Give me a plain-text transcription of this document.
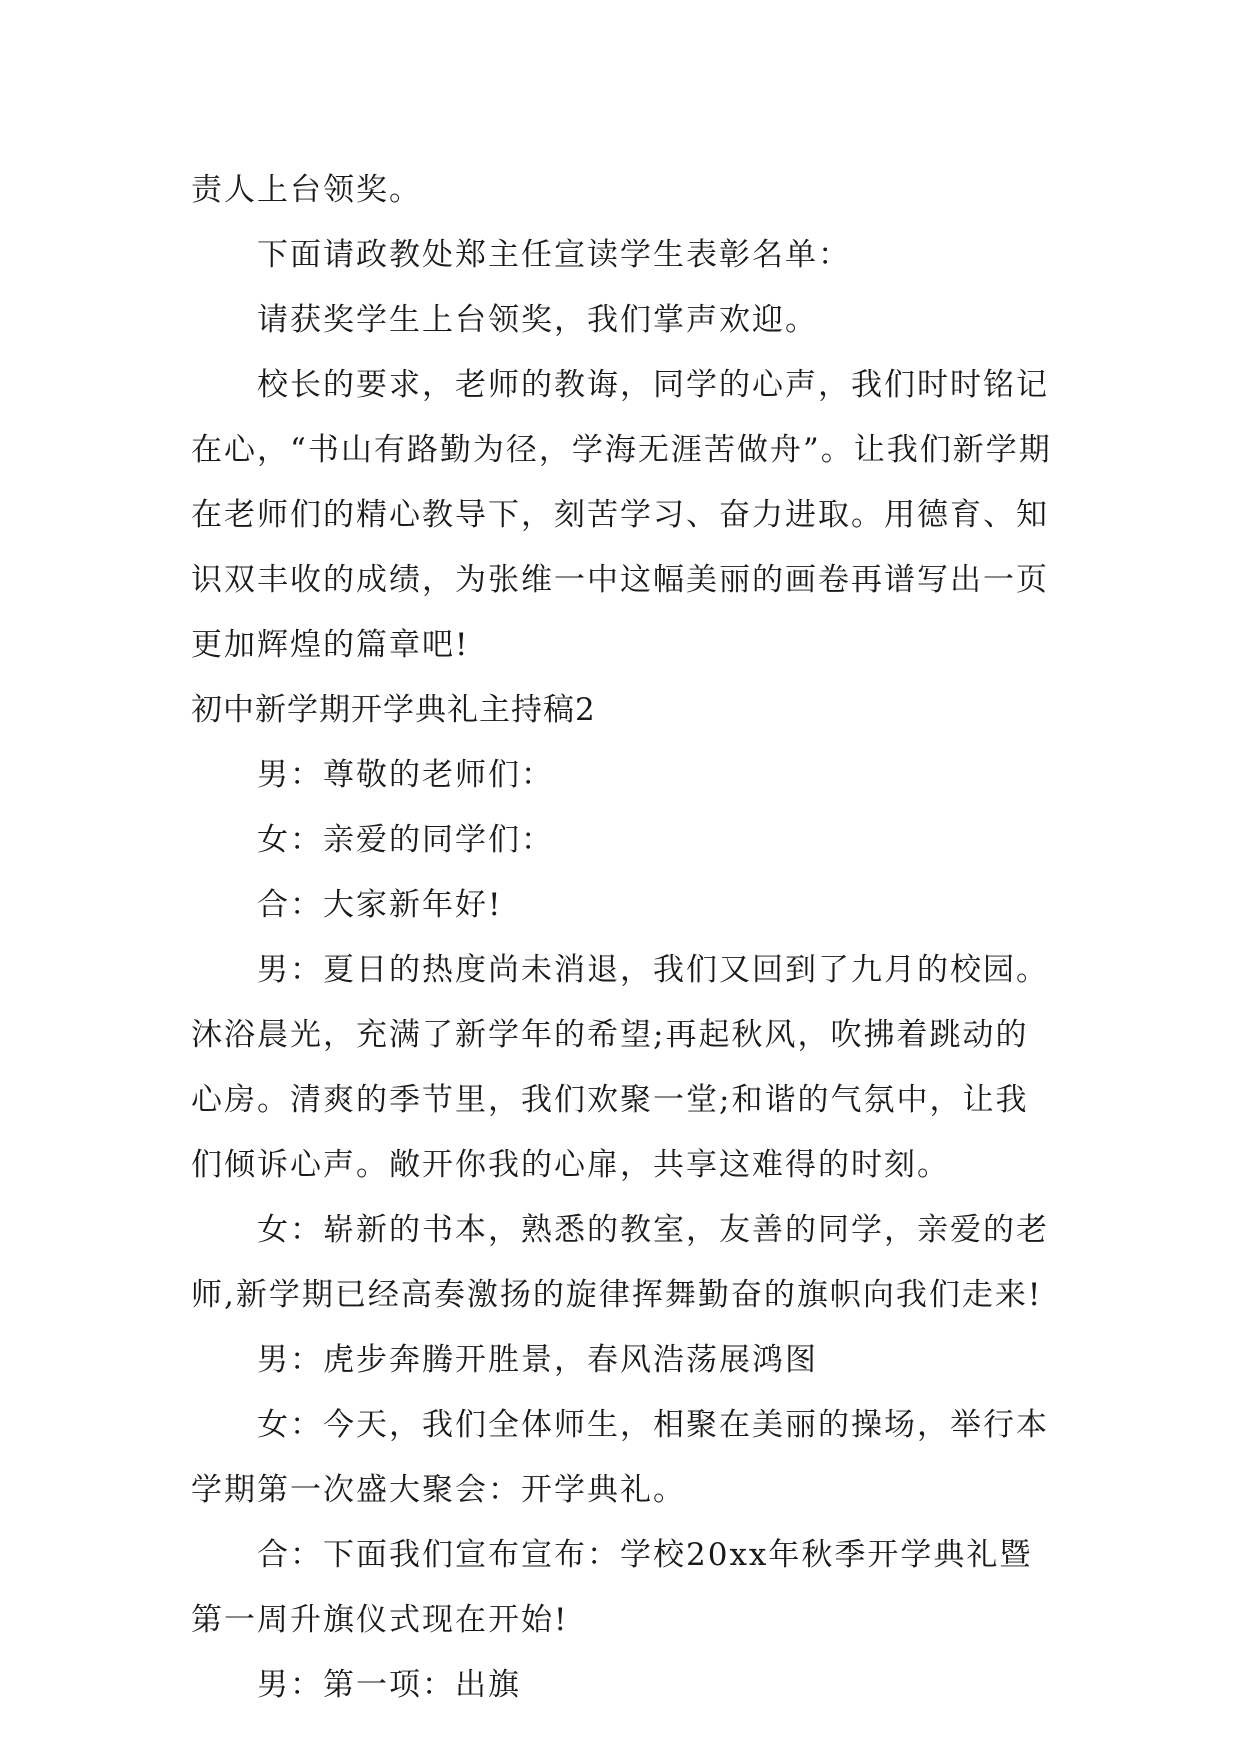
责人上台领奖。
下面请政教处郑主任宣读学生表彰名单：
请获奖学生上台领奖，我们掌声欢迎。
校长的要求，老师的教诲，同学的心声，我们时时铭记
在心，“书山有路勤为径，学海无涯苦做舟”。让我们新学期
在老师们的精心教导下，刻苦学习、奋力进取。用德育、知
识双丰收的成绩，为张维一中这幅美丽的画卷再谱写出一页
更加辉煌的篇章吧!
初中新学期开学典礼主持稿2
男：尊敬的老师们：
女：亲爱的同学们：
合：大家新年好!
男：夏日的热度尚未消退，我们又回到了九月的校园。
沐浴晨光，充满了新学年的希望;再起秋风，吹拂着跳动的
心房。清爽的季节里，我们欢聚一堂;和谐的气氛中，让我
们倾诉心声。敞开你我的心扉，共享这难得的时刻。
女：崭新的书本，熟悉的教室，友善的同学，亲爱的老
师,新学期已经高奏激扬的旋律挥舞勤奋的旗帜向我们走来!
男：虎步奔腾开胜景，春风浩荡展鸿图
女：今天，我们全体师生，相聚在美丽的操场，举行本
学期第一次盛大聚会：开学典礼。
合：下面我们宣布宣布：学校20xx年秋季开学典礼暨
第一周升旗仪式现在开始!
男：第一项：出旗
